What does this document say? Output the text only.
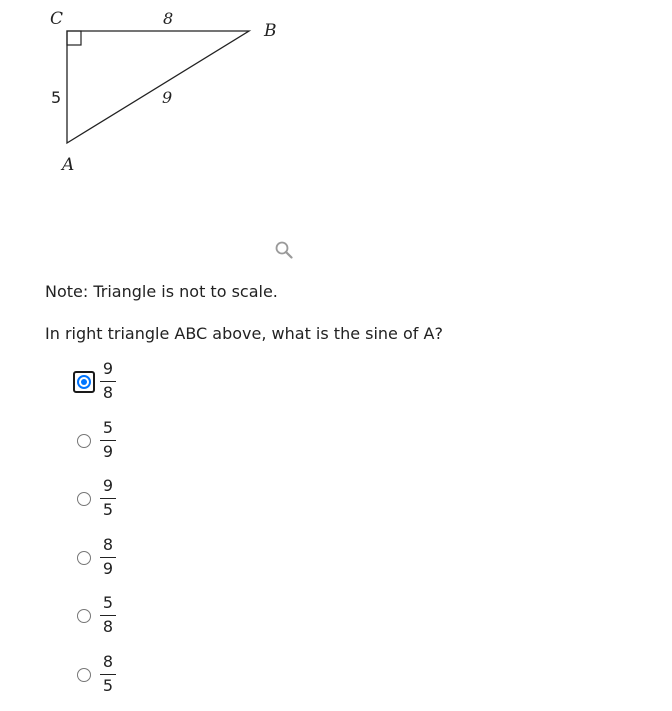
C
B
A
8
5	9

Note: Triangle is not to scale.

In right triangle ABC above, what is the sine of A?

9
8
5
9
9
5
8
9
5
8
8
5
